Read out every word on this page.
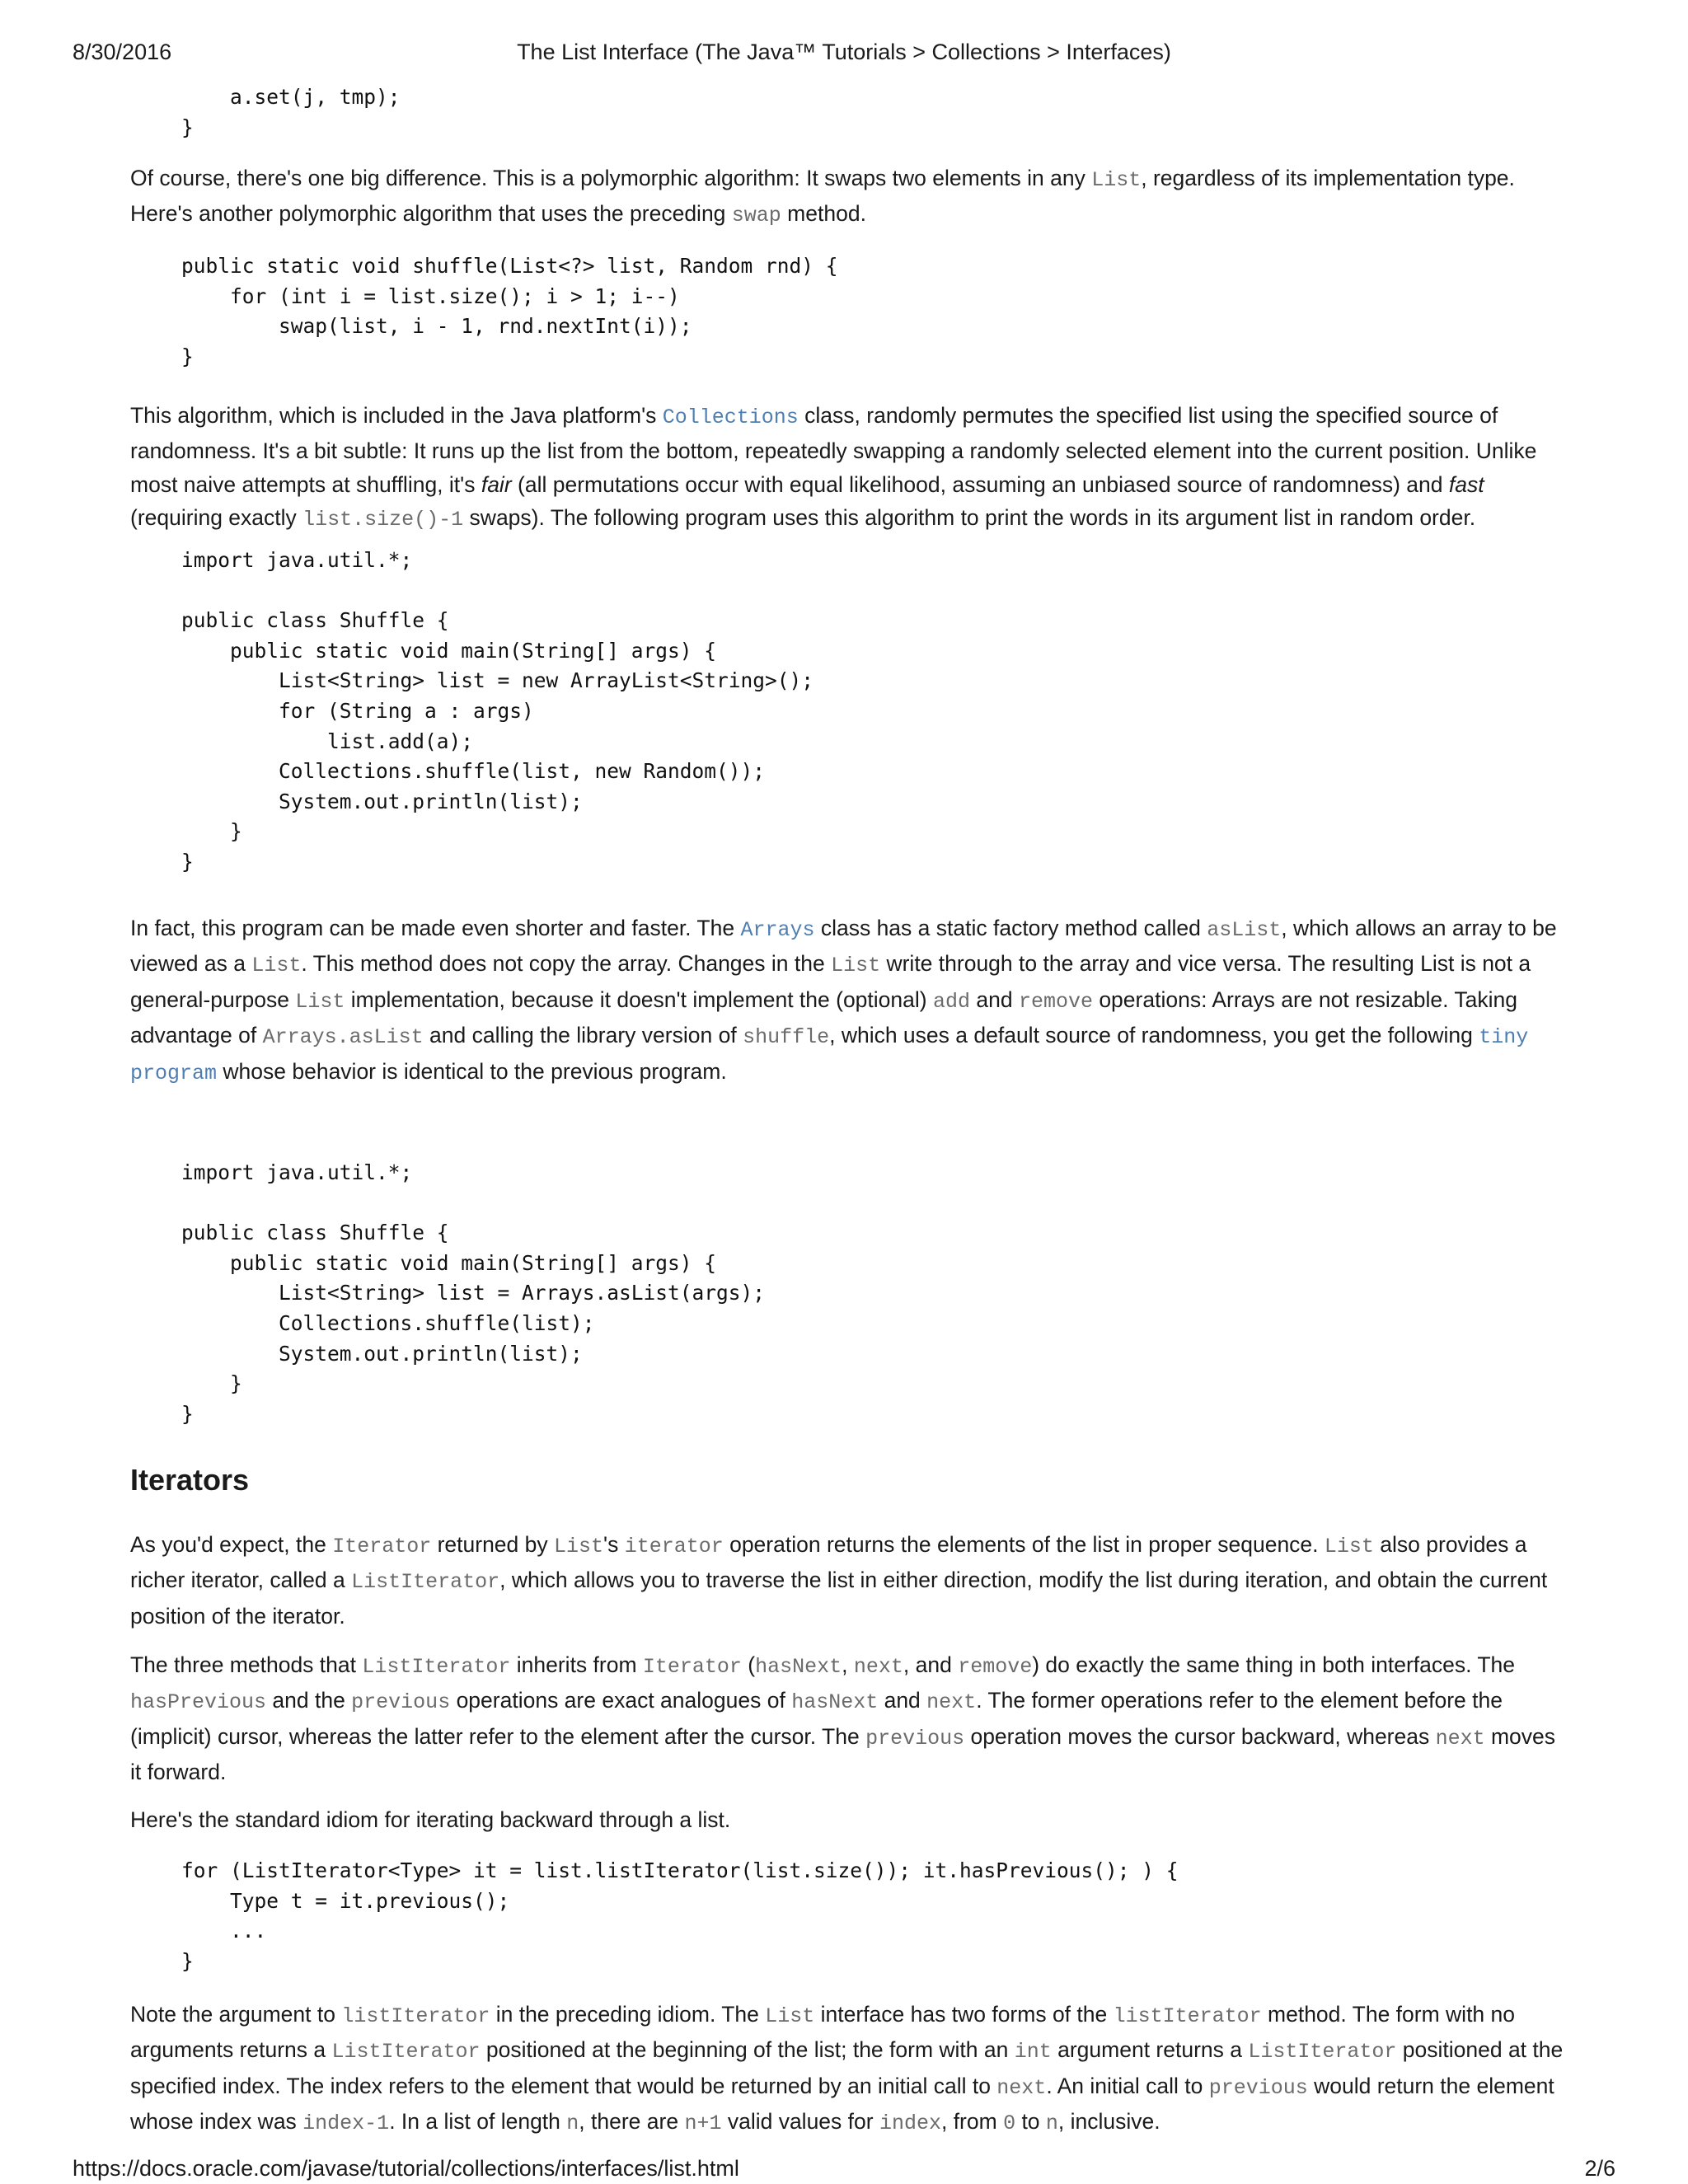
8/30/2016	The List Interface (The Java™ Tutorials > Collections > Interfaces)
a.set(j, tmp);
}

Of course, there's one big difference. This is a polymorphic algorithm: It swaps two elements in any List, regardless of its implementation type. Here's another polymorphic algorithm that uses the preceding swap method.

public static void shuffle(List<?> list, Random rnd) {
for (int i = list.size(); i > 1; i--)
swap(list, i - 1, rnd.nextInt(i));
}

This algorithm, which is included in the Java platform's Collections class, randomly permutes the specified list using the specified source of randomness. It's a bit subtle: It runs up the list from the bottom, repeatedly swapping a randomly selected element into the current position. Unlike most naive attempts at shuffling, it's fair (all permutations occur with equal likelihood, assuming an unbiased source of randomness) and fast (requiring exactly list.size()-1 swaps). The following program uses this algorithm to print the words in its argument list in random order.

import java.util.*;

public class Shuffle {
public static void main(String[] args) {
List<String> list = new ArrayList<String>();
for (String a : args)
list.add(a);
Collections.shuffle(list, new Random());
System.out.println(list);
}
}

In fact, this program can be made even shorter and faster. The Arrays class has a static factory method called asList, which allows an array to be viewed as a List. This method does not copy the array. Changes in the List write through to the array and vice versa. The resulting List is not a general-purpose List implementation, because it doesn't implement the (optional) add and remove operations: Arrays are not resizable. Taking advantage of Arrays.asList and calling the library version of shuffle, which uses a default source of randomness, you get the following tiny program whose behavior is identical to the previous program.

import java.util.*;

public class Shuffle {
public static void main(String[] args) {
List<String> list = Arrays.asList(args);
Collections.shuffle(list);
System.out.println(list);
}
}
Iterators

As you'd expect, the Iterator returned by List's iterator operation returns the elements of the list in proper sequence. List also provides a richer iterator, called a ListIterator, which allows you to traverse the list in either direction, modify the list during iteration, and obtain the current position of the iterator.

The three methods that ListIterator inherits from Iterator (hasNext, next, and remove) do exactly the same thing in both interfaces. The hasPrevious and the previous operations are exact analogues of hasNext and next. The former operations refer to the element before the (implicit) cursor, whereas the latter refer to the element after the cursor. The previous operation moves the cursor backward, whereas next moves it forward.

Here's the standard idiom for iterating backward through a list.

for (ListIterator<Type> it = list.listIterator(list.size()); it.hasPrevious(); ) {
Type t = it.previous();
...
}

Note the argument to listIterator in the preceding idiom. The List interface has two forms of the listIterator method. The form with no arguments returns a ListIterator positioned at the beginning of the list; the form with an int argument returns a ListIterator positioned at the specified index. The index refers to the element that would be returned by an initial call to next. An initial call to previous would return the element whose index was index-1. In a list of length n, there are n+1 valid values for index, from 0 to n, inclusive.

https://docs.oracle.com/javase/tutorial/collections/interfaces/list.html	2/6
